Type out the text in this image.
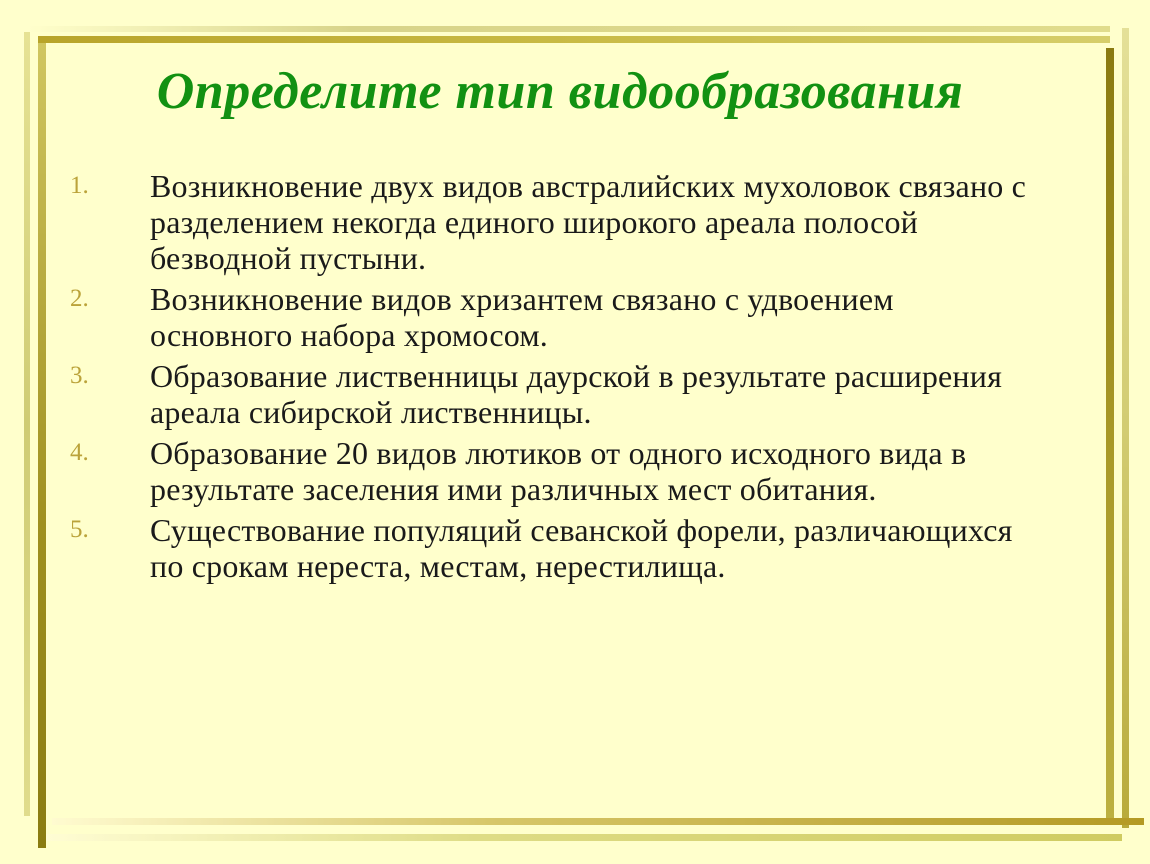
Определите тип видообразования
1. Возникновение двух видов австралийских мухоловок связано с разделением некогда единого широкого ареала полосой безводной пустыни.
2. Возникновение видов хризантем связано с удвоением основного набора хромосом.
3. Образование лиственницы даурской в результате расширения ареала сибирской лиственницы.
4. Образование 20 видов лютиков от одного исходного вида в результате заселения ими различных мест обитания.
5. Существование популяций севанской форели, различающихся по срокам нереста, местам, нерестилища.
